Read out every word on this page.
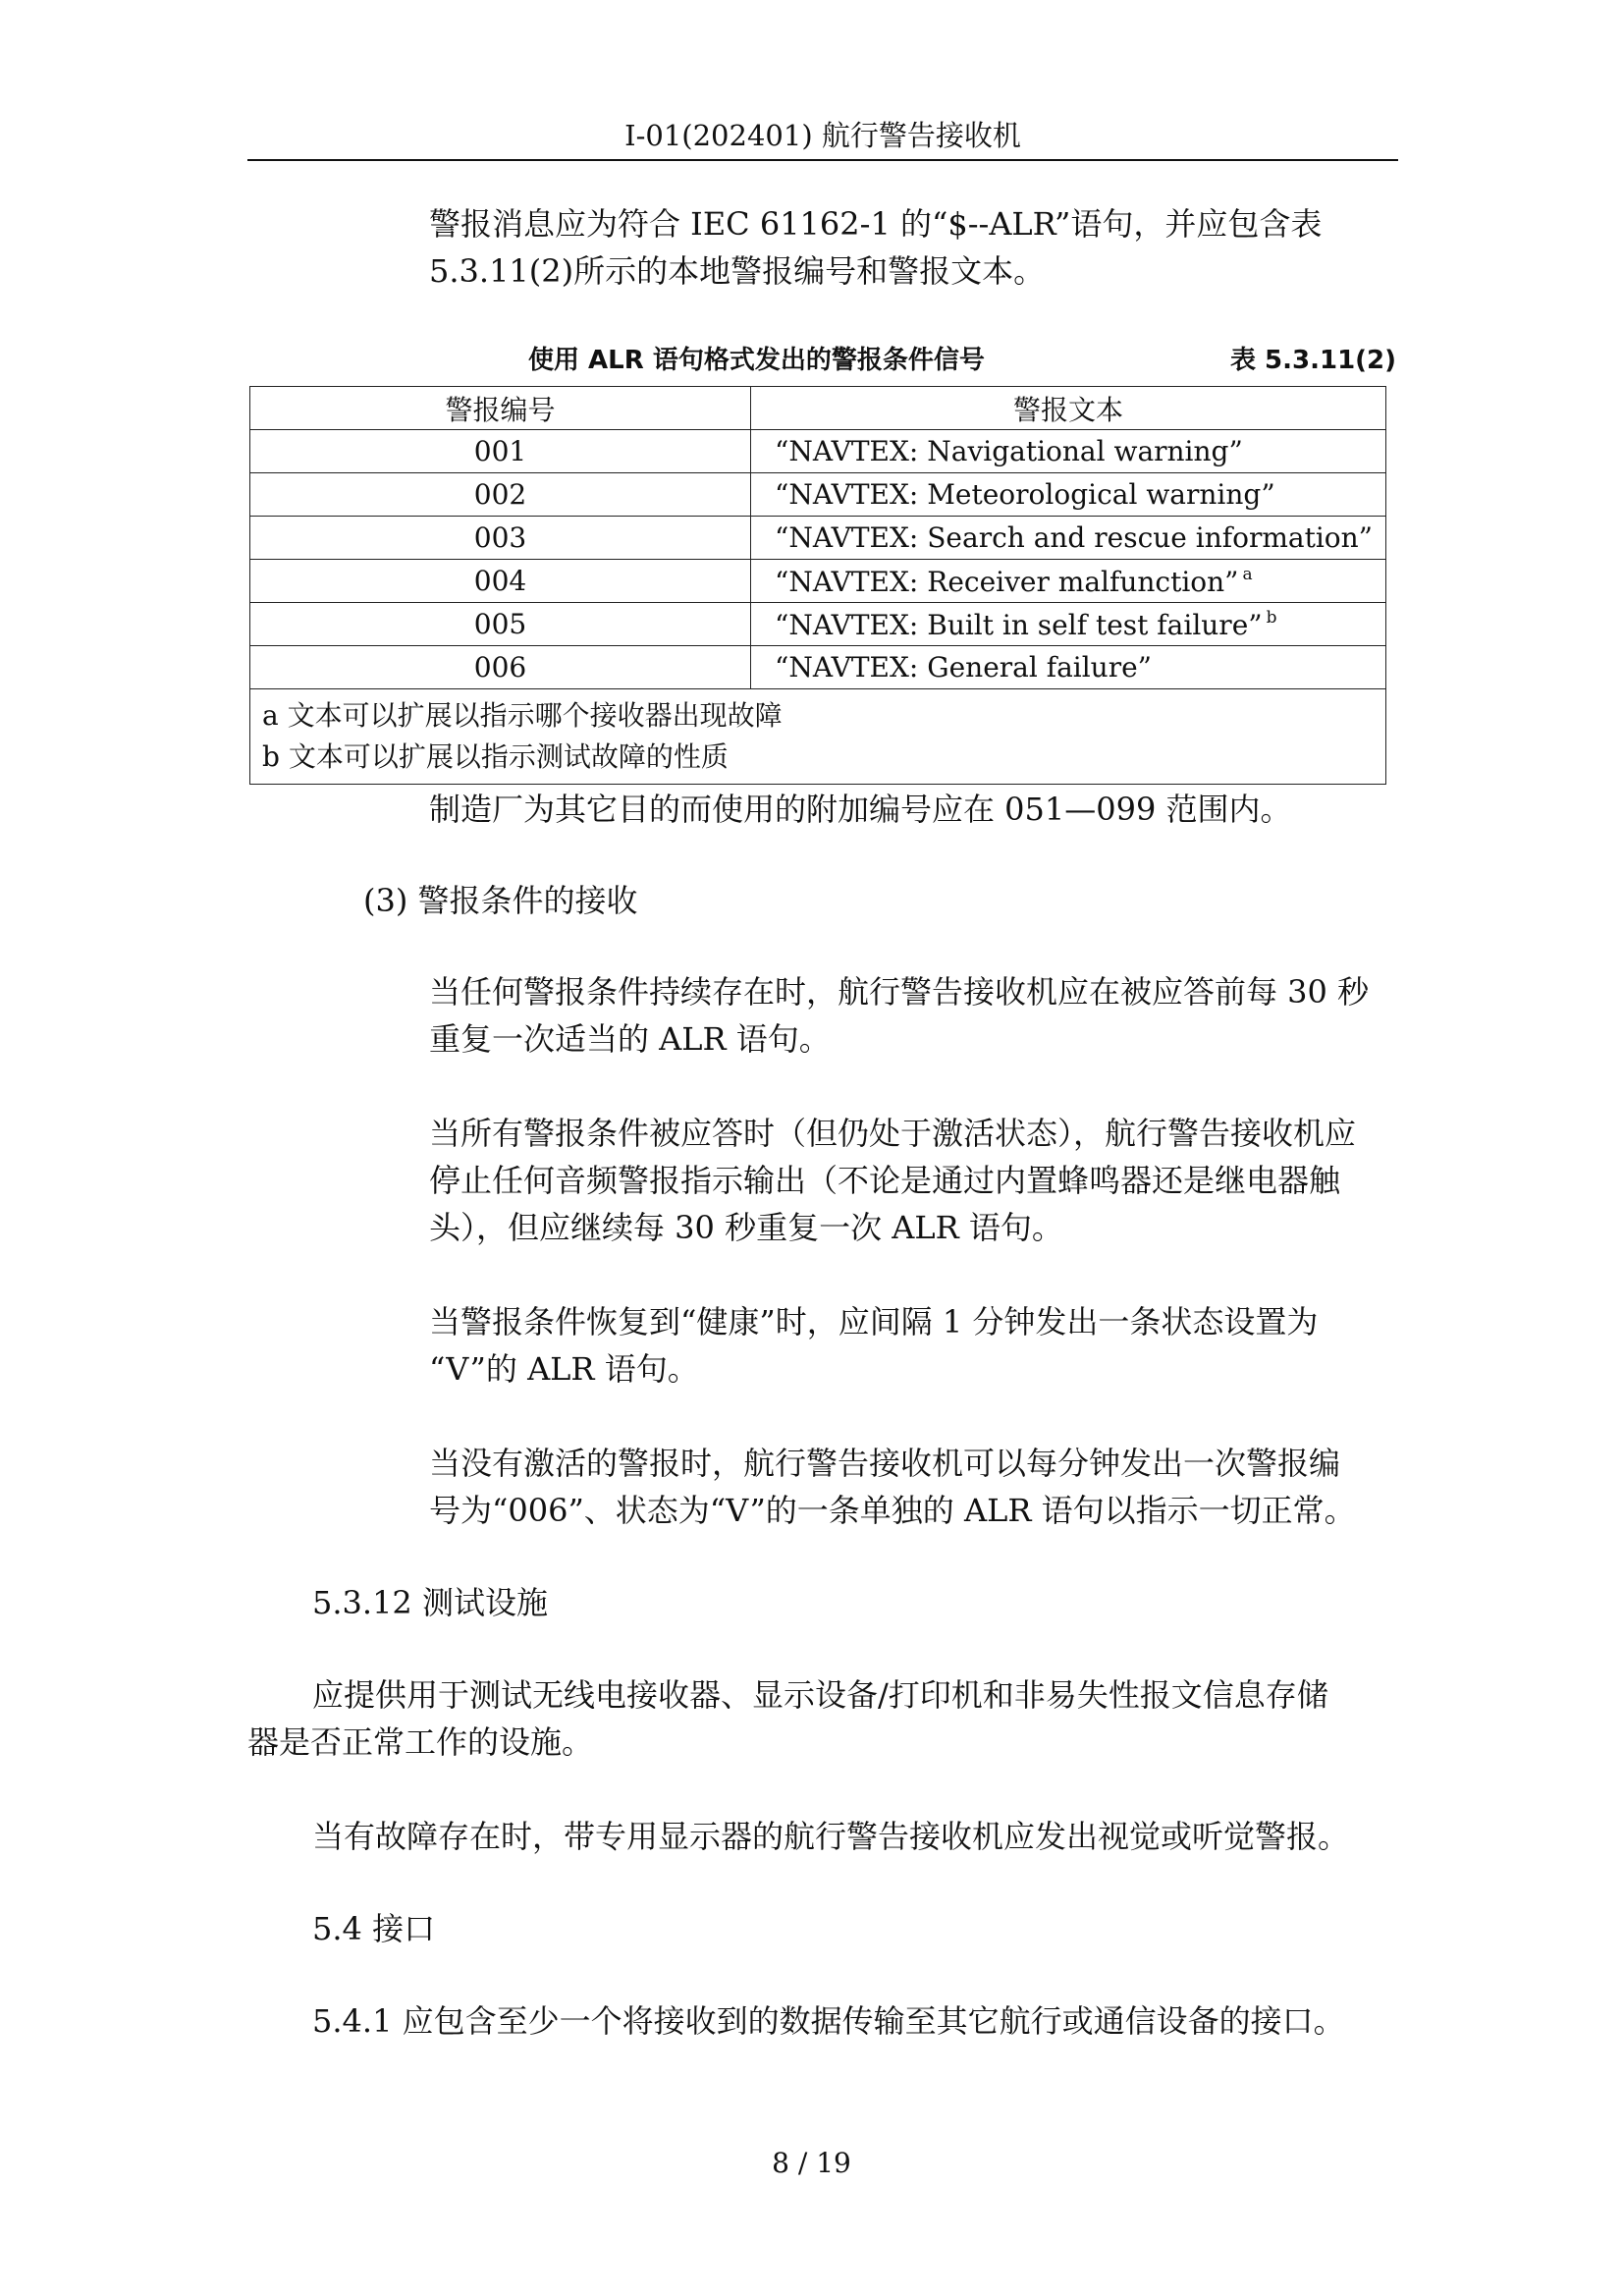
I-01(202401) 航行警告接收机
警报消息应为符合 IEC 61162-1 的“$--ALR”语句，并应包含表
5.3.11(2)所示的本地警报编号和警报文本。
使用 ALR 语句格式发出的警报条件信号	表 5.3.11(2)
警报编号	警报文本
001	“NAVTEX: Navigational warning”
002	“NAVTEX: Meteorological warning”
003	“NAVTEX: Search and rescue information”
004	“NAVTEX: Receiver malfunction” $^a$
005	“NAVTEX: Built in self test failure” $^b$
006	“NAVTEX: General failure”

a 文本可以扩展以指示哪个接收器出现故障
b 文本可以扩展以指示测试故障的性质	
制造厂为其它目的而使用的附加编号应在 051—099 范围内。
(3) 警报条件的接收
当任何警报条件持续存在时，航行警告接收机应在被应答前每 30 秒
重复一次适当的 ALR 语句。
当所有警报条件被应答时（但仍处于激活状态），航行警告接收机应
停止任何音频警报指示输出（不论是通过内置蜂鸣器还是继电器触
头），但应继续每 30 秒重复一次 ALR 语句。
当警报条件恢复到“健康”时，应间隔 1 分钟发出一条状态设置为
“V”的 ALR 语句。
当没有激活的警报时，航行警告接收机可以每分钟发出一次警报编
号为“006”、状态为“V”的一条单独的 ALR 语句以指示一切正常。
5.3.12 测试设施
应提供用于测试无线电接收器、显示设备/打印机和非易失性报文信息存储
器是否正常工作的设施。
当有故障存在时，带专用显示器的航行警告接收机应发出视觉或听觉警报。
5.4 接口
5.4.1 应包含至少一个将接收到的数据传输至其它航行或通信设备的接口。
8 / 19
